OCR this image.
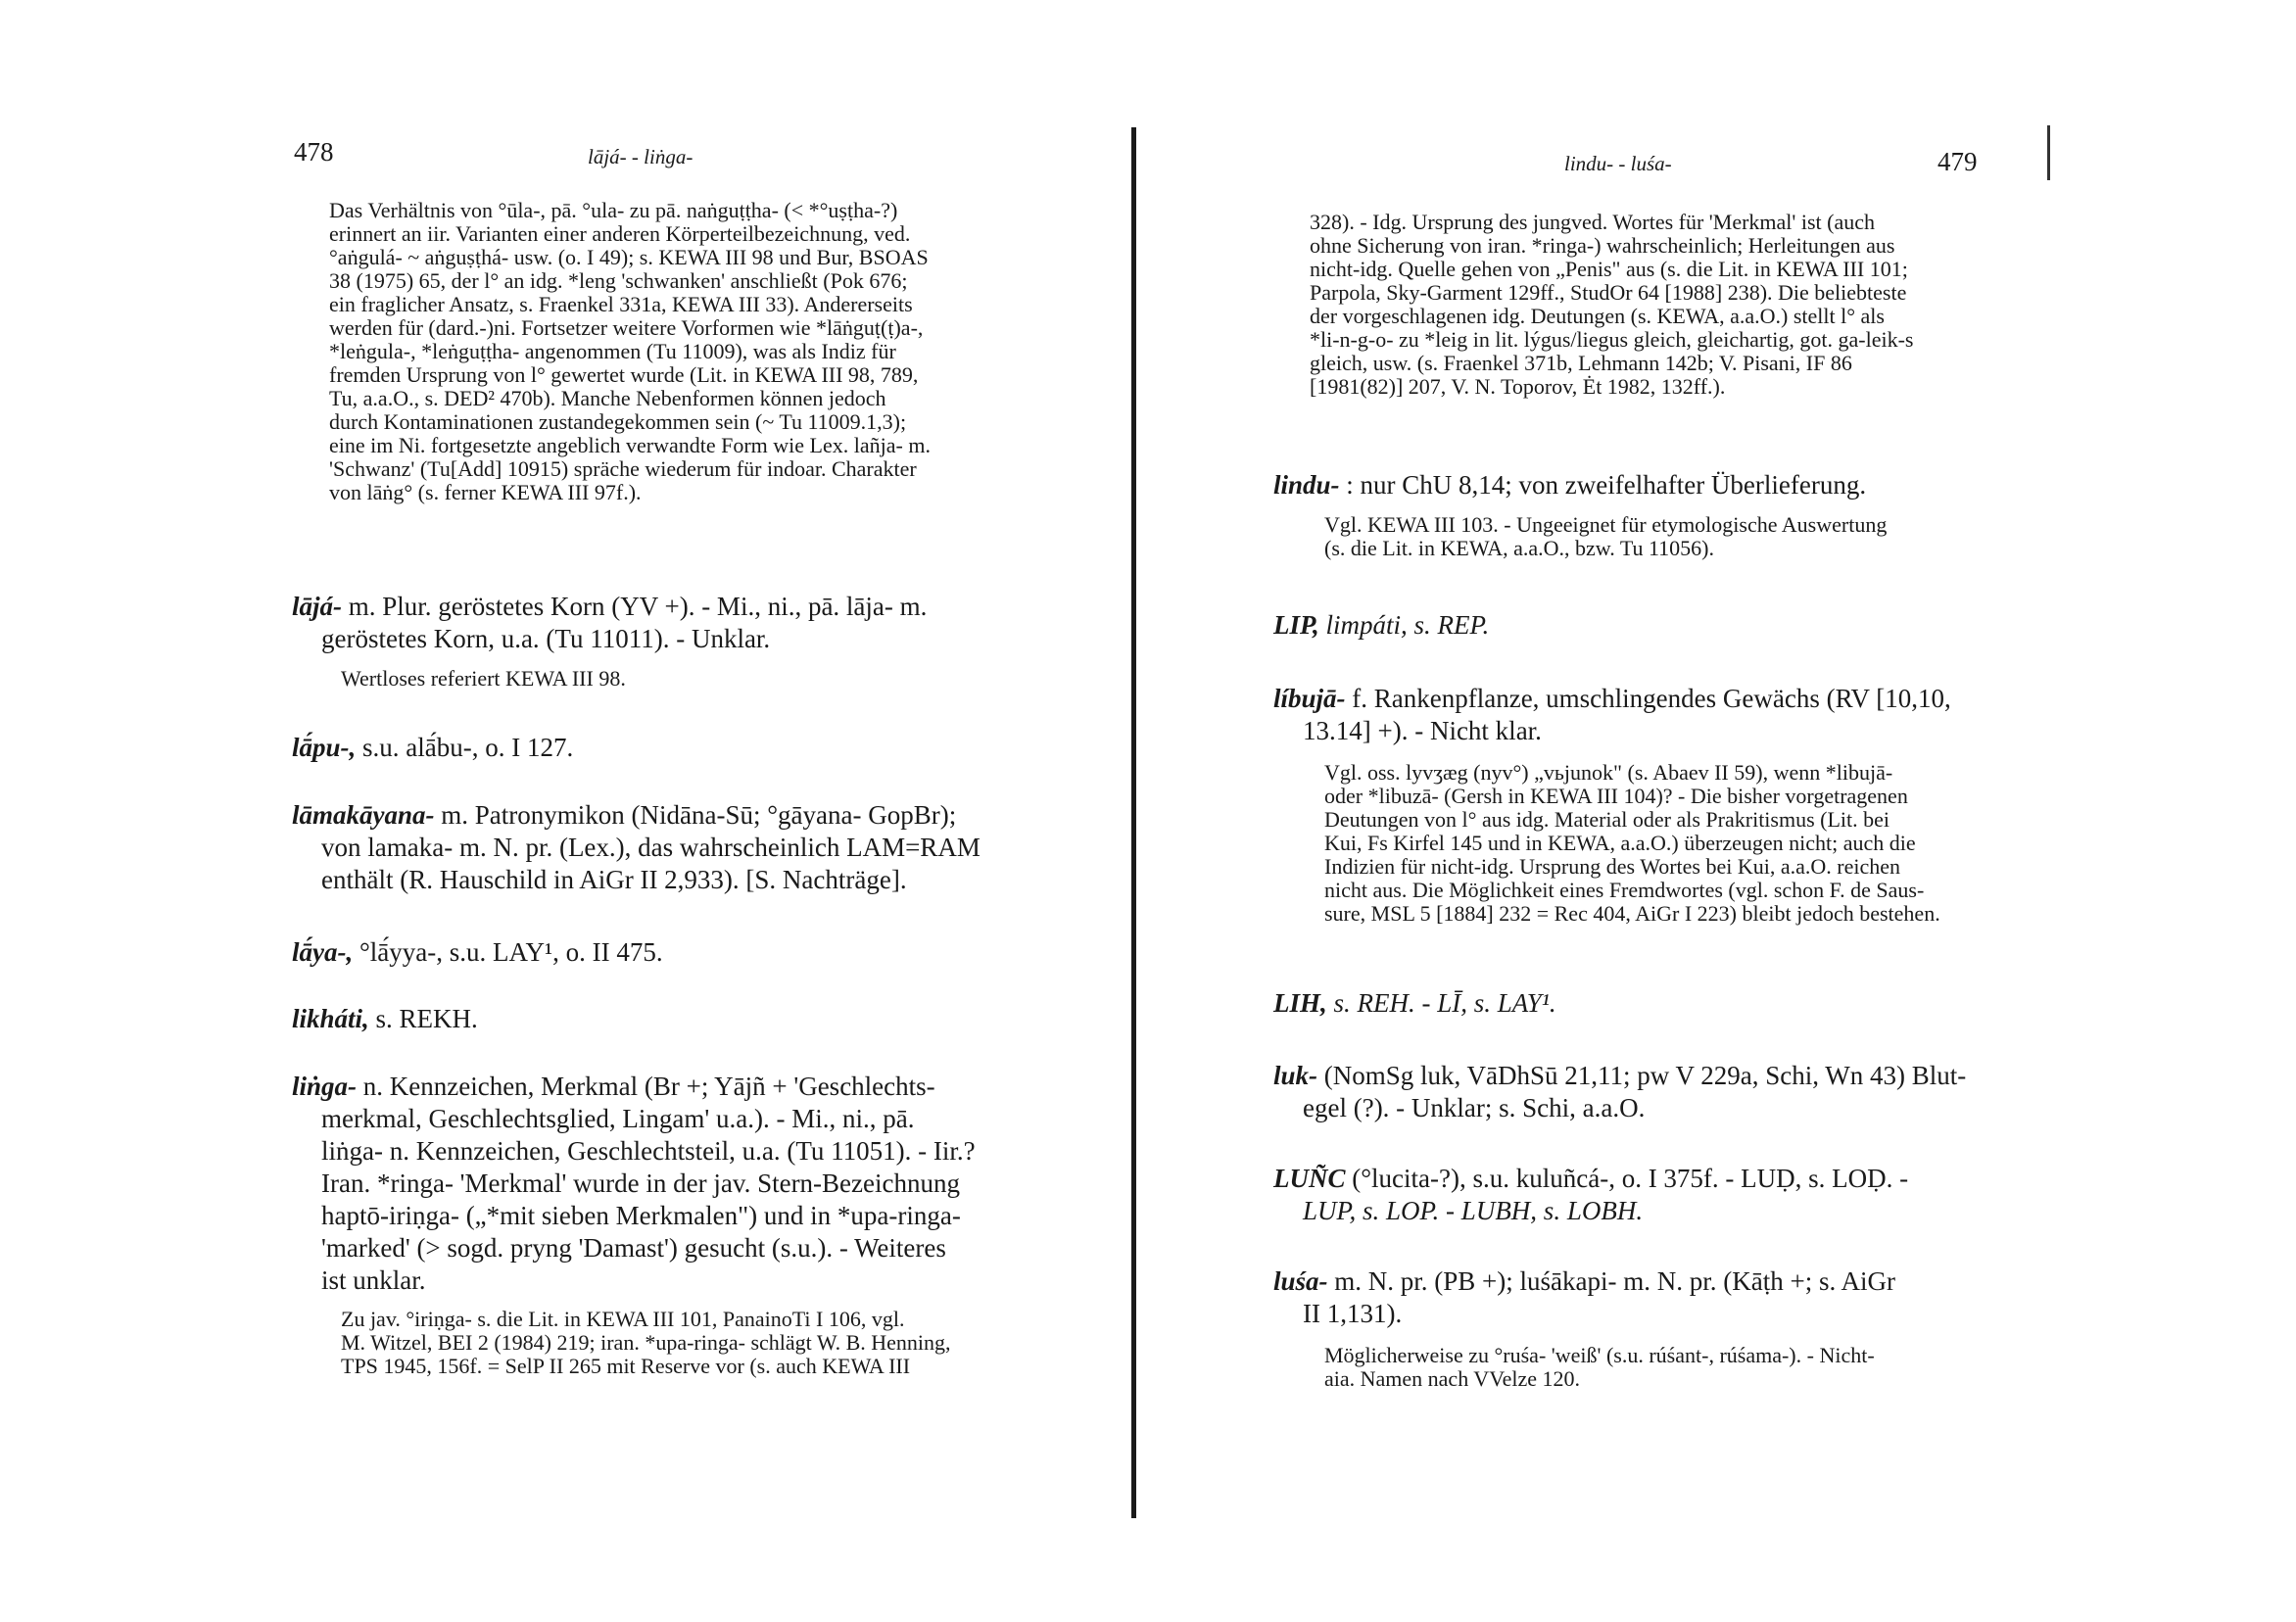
478	lājá- - liṅga-
Das Verhältnis von °ūla-, pā. °ula- zu pā. naṅguṭṭha- (< *°uṣṭha-?)
erinnert an iir. Varianten einer anderen Körperteilbezeichnung, ved.
°aṅgulá- ~ aṅguṣṭhá- usw. (o. I 49); s. KEWA III 98 und Bur, BSOAS
38 (1975) 65, der l° an idg. *leng 'schwanken' anschließt (Pok 676;
ein fraglicher Ansatz, s. Fraenkel 331a, KEWA III 33). Andererseits
werden für (dard.-)ni. Fortsetzer weitere Vorformen wie *lāṅguṭ(ṭ)a-,
*leṅgula-, *leṅguṭṭha- angenommen (Tu 11009), was als Indiz für
fremden Ursprung von l° gewertet wurde (Lit. in KEWA III 98, 789,
Tu, a.a.O., s. DED² 470b). Manche Nebenformen können jedoch
durch Kontaminationen zustandegekommen sein (~ Tu 11009.1,3);
eine im Ni. fortgesetzte angeblich verwandte Form wie Lex. lañja- m.
'Schwanz' (Tu[Add] 10915) spräche wiederum für indoar. Charakter
von lāṅg° (s. ferner KEWA III 97f.).
lājá- m. Plur. geröstetes Korn (YV +). - Mi., ni., pā. lāja- m.
geröstetes Korn, u.a. (Tu 11011). - Unklar.
Wertloses referiert KEWA III 98.
lā́pu-, s.u. alā́bu-, o. I 127.
lāmakāyana- m. Patronymikon (Nidāna-Sū; °gāyana- GopBr);
von lamaka- m. N. pr. (Lex.), das wahrscheinlich LAM=RAM
enthält (R. Hauschild in AiGr II 2,933). [S. Nachträge].
lā́ya-, °lā́yya-, s.u. LAY¹, o. II 475.
likháti, s. REKH.
liṅga- n. Kennzeichen, Merkmal (Br +; Yājñ + 'Geschlechts-
merkmal, Geschlechtsglied, Lingam' u.a.). - Mi., ni., pā.
liṅga- n. Kennzeichen, Geschlechtsteil, u.a. (Tu 11051). - Iir.?
Iran. *ringa- 'Merkmal' wurde in der jav. Stern-Bezeichnung
haptō-iriṇga- („*mit sieben Merkmalen") und in *upa-ringa-
'marked' (> sogd. pryng 'Damast') gesucht (s.u.). - Weiteres
ist unklar.
Zu jav. °iriṇga- s. die Lit. in KEWA III 101, PanainoTi I 106, vgl.
M. Witzel, BEI 2 (1984) 219; iran. *upa-ringa- schlägt W. B. Henning,
TPS 1945, 156f. = SelP II 265 mit Reserve vor (s. auch KEWA III
lindu- - luśa-	479
328). - Idg. Ursprung des jungved. Wortes für 'Merkmal' ist (auch
ohne Sicherung von iran. *ringa-) wahrscheinlich; Herleitungen aus
nicht-idg. Quelle gehen von „Penis" aus (s. die Lit. in KEWA III 101;
Parpola, Sky-Garment 129ff., StudOr 64 [1988] 238). Die beliebteste
der vorgeschlagenen idg. Deutungen (s. KEWA, a.a.O.) stellt l° als
*li-n-g-o- zu *leig in lit. lýgus/liegus gleich, gleichartig, got. ga-leik-s
gleich, usw. (s. Fraenkel 371b, Lehmann 142b; V. Pisani, IF 86
[1981(82)] 207, V. N. Toporov, Ėt 1982, 132ff.).
lindu- : nur ChU 8,14; von zweifelhafter Überlieferung.
Vgl. KEWA III 103. - Ungeeignet für etymologische Auswertung
(s. die Lit. in KEWA, a.a.O., bzw. Tu 11056).
LIP, limpáti, s. REP.
líbujā- f. Rankenpflanze, umschlingendes Gewächs (RV [10,10,
13.14] +). - Nicht klar.
Vgl. oss. lyvʒæg (nyv°) „vьjunok" (s. Abaev II 59), wenn *libujā-
oder *libuzā- (Gersh in KEWA III 104)? - Die bisher vorgetragenen
Deutungen von l° aus idg. Material oder als Prakritismus (Lit. bei
Kui, Fs Kirfel 145 und in KEWA, a.a.O.) überzeugen nicht; auch die
Indizien für nicht-idg. Ursprung des Wortes bei Kui, a.a.O. reichen
nicht aus. Die Möglichkeit eines Fremdwortes (vgl. schon F. de Saus-
sure, MSL 5 [1884] 232 = Rec 404, AiGr I 223) bleibt jedoch bestehen.
LIH, s. REH. - LĪ, s. LAY¹.
luk- (NomSg luk, VāDhSū 21,11; pw V 229a, Schi, Wn 43) Blut-
egel (?). - Unklar; s. Schi, a.a.O.
LUÑC (°lucita-?), s.u. kuluñcá-, o. I 375f. - LUḌ, s. LOḌ. -
LUP, s. LOP. - LUBH, s. LOBH.
luśa- m. N. pr. (PB +); luśākapi- m. N. pr. (Kāṭh +; s. AiGr
II 1,131).
Möglicherweise zu °ruśa- 'weiß' (s.u. rúśant-, rúśama-). - Nicht-
aia. Namen nach VVelze 120.
